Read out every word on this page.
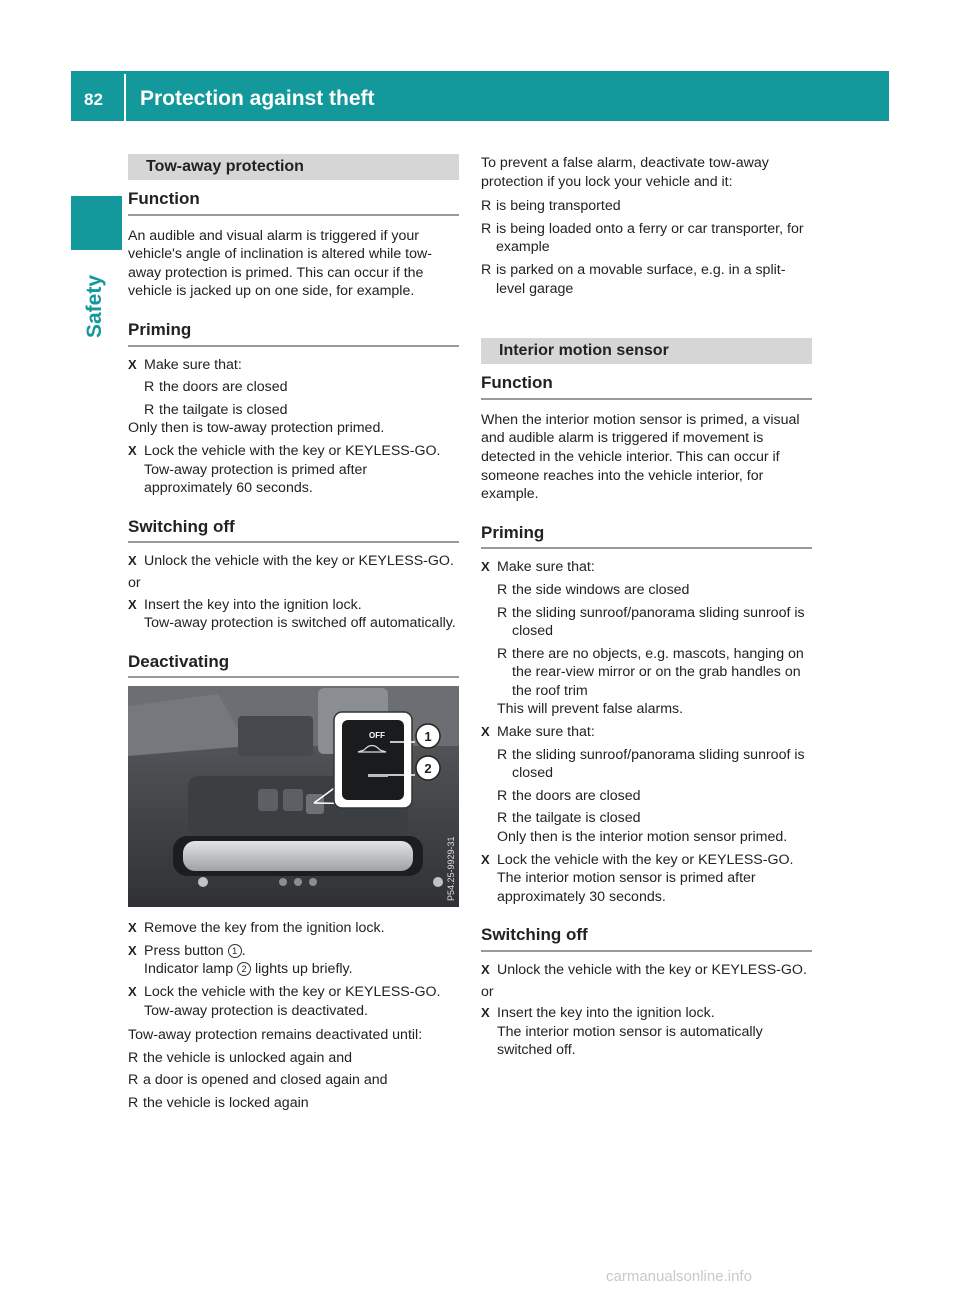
82 Protection against theft
Safety
Tow-away protection
Function

An audible and visual alarm is triggered if your vehicle's angle of inclination is altered while tow-away protection is primed. This can occur if the vehicle is jacked up on one side, for example.

Priming
X Make sure that:
R the doors are closed
R the tailgate is closed

Only then is tow-away protection primed.

X Lock the vehicle with the key or KEYLESS-GO.
Tow-away protection is primed after approximately 60 seconds.
Switching off
X Unlock the vehicle with the key or KEYLESS-GO.

or

X Insert the key into the ignition lock.
Tow-away protection is switched off automatically.
Deactivating
OFF	1
2
P54.25-9929-31
X Remove the key from the ignition lock.
X Press button 1 .
Indicator lamp 2 lights up briefly.
X Lock the vehicle with the key or KEYLESS-GO.
Tow-away protection is deactivated.

Tow-away protection remains deactivated until:

R the vehicle is unlocked again and
R a door is opened and closed again and
R the vehicle is locked again

To prevent a false alarm, deactivate tow-away protection if you lock your vehicle and it:

R is being transported
R is being loaded onto a ferry or car transporter, for example
R is parked on a movable surface, e.g. in a split-level garage
Interior motion sensor
Function

When the interior motion sensor is primed, a visual and audible alarm is triggered if movement is detected in the vehicle interior. This can occur if someone reaches into the vehicle interior, for example.

Priming
X Make sure that:
R the side windows are closed
R the sliding sunroof/panorama sliding sunroof is closed
R there are no objects, e.g. mascots, hanging on the rear-view mirror or on the grab handles on the roof trim

This will prevent false alarms.

X Make sure that:
R the sliding sunroof/panorama sliding sunroof is closed
R the doors are closed
R the tailgate is closed

Only then is the interior motion sensor primed.

X Lock the vehicle with the key or KEYLESS-GO.
The interior motion sensor is primed after approximately 30 seconds.
Switching off
X Unlock the vehicle with the key or KEYLESS-GO.

or

X Insert the key into the ignition lock.
The interior motion sensor is automatically switched off.
carmanualsonline.info
